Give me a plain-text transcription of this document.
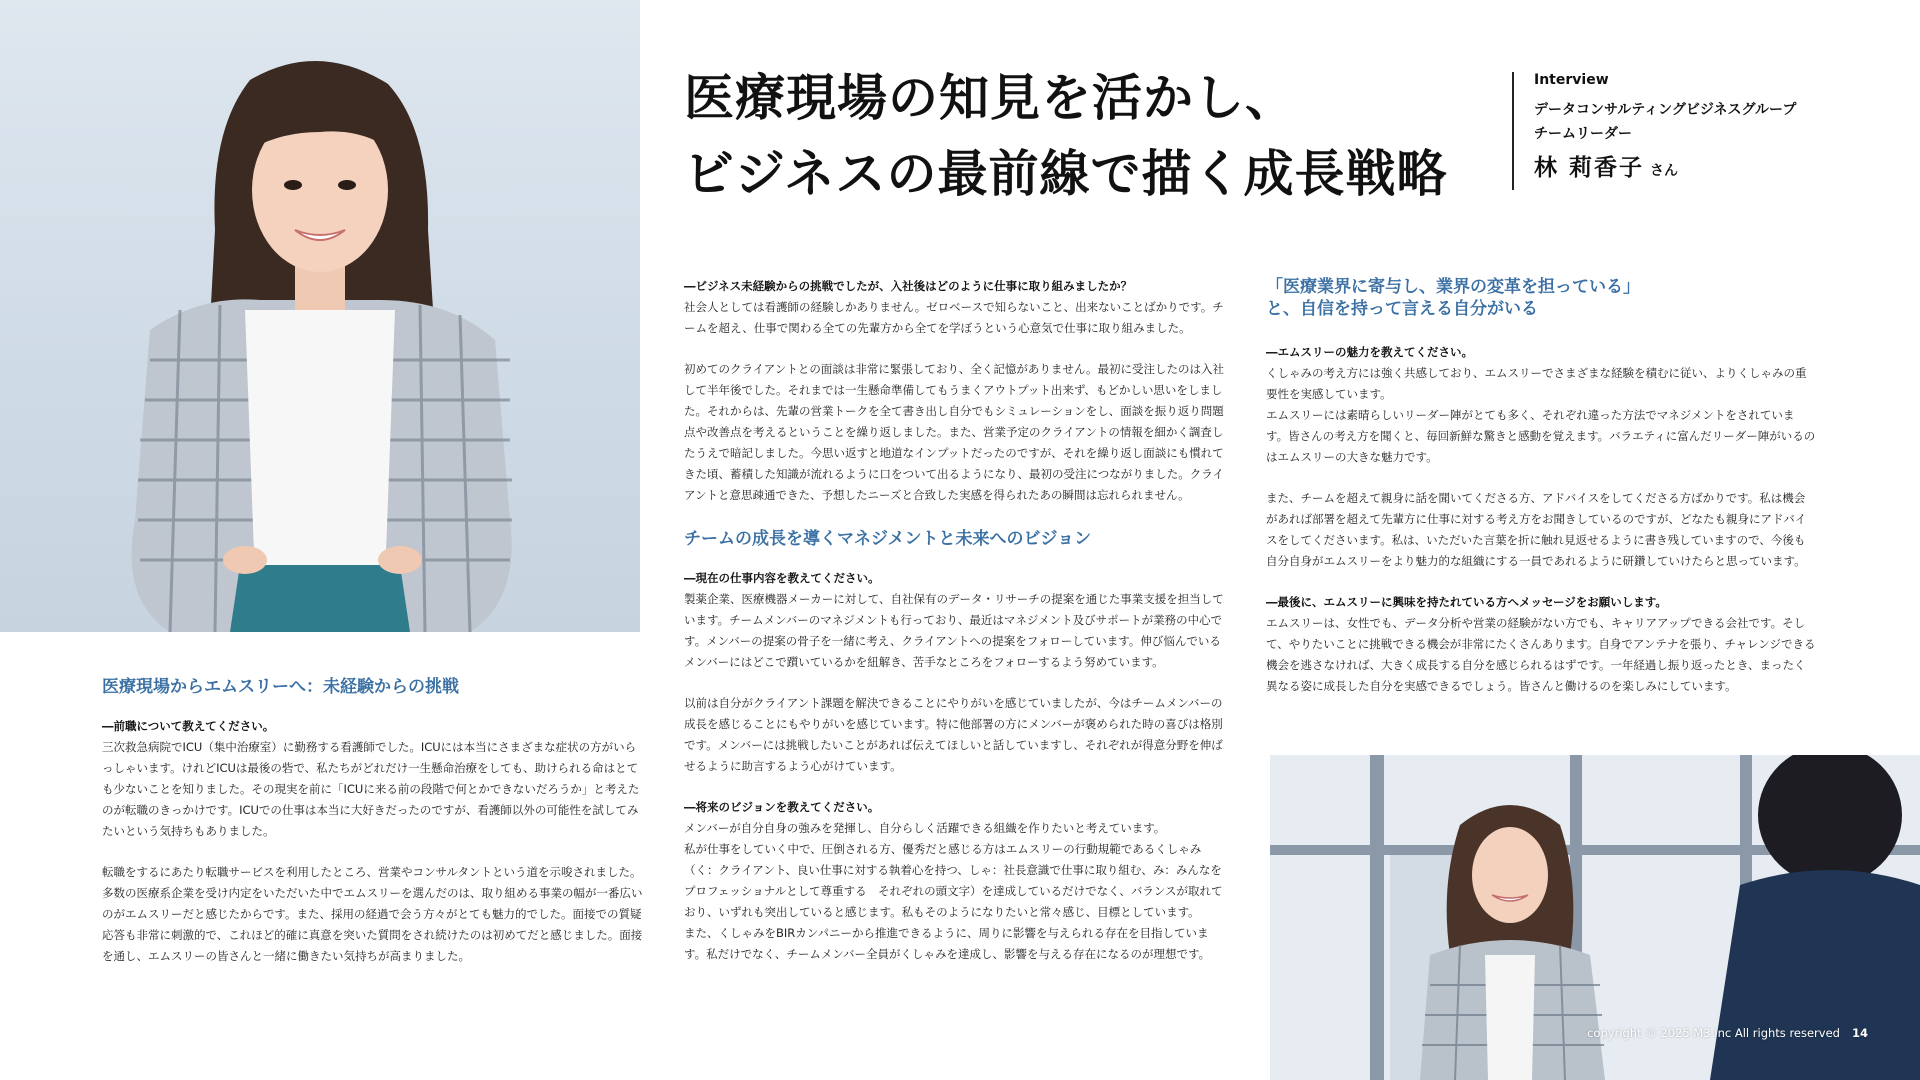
医療現場の知見を活かし、
ビジネスの最前線で描く成長戦略
Interview
データコンサルティングビジネスグループ
チームリーダー
林 莉香子 さん
医療現場からエムスリーへ：未経験からの挑戦
―前職について教えてください。
三次救急病院でICU（集中治療室）に勤務する看護師でした。ICUには本当にさまざまな症状の方がいらっしゃいます。けれどICUは最後の砦で、私たちがどれだけ一生懸命治療をしても、助けられる命はとても少ないことを知りました。その現実を前に「ICUに来る前の段階で何とかできないだろうか」と考えたのが転職のきっかけです。ICUでの仕事は本当に大好きだったのですが、看護師以外の可能性を試してみたいという気持ちもありました。
転職をするにあたり転職サービスを利用したところ、営業やコンサルタントという道を示唆されました。多数の医療系企業を受け内定をいただいた中でエムスリーを選んだのは、取り組める事業の幅が一番広いのがエムスリーだと感じたからです。また、採用の経過で会う方々がとても魅力的でした。面接での質疑応答も非常に刺激的で、これほど的確に真意を突いた質問をされ続けたのは初めてだと感じました。面接を通し、エムスリーの皆さんと一緒に働きたい気持ちが高まりました。
―ビジネス未経験からの挑戦でしたが、入社後はどのように仕事に取り組みましたか？
社会人としては看護師の経験しかありません。ゼロベースで知らないこと、出来ないことばかりです。チームを超え、仕事で関わる全ての先輩方から全てを学ぼうという心意気で仕事に取り組みました。
初めてのクライアントとの面談は非常に緊張しており、全く記憶がありません。最初に受注したのは入社して半年後でした。それまでは一生懸命準備してもうまくアウトプット出来ず、もどかしい思いをしました。それからは、先輩の営業トークを全て書き出し自分でもシミュレーションをし、面談を振り返り問題点や改善点を考えるということを繰り返しました。また、営業予定のクライアントの情報を細かく調査したうえで暗記しました。今思い返すと地道なインプットだったのですが、それを繰り返し面談にも慣れてきた頃、蓄積した知識が流れるように口をついて出るようになり、最初の受注につながりました。クライアントと意思疎通できた、予想したニーズと合致した実感を得られたあの瞬間は忘れられません。
チームの成長を導くマネジメントと未来へのビジョン
―現在の仕事内容を教えてください。
製薬企業、医療機器メーカーに対して、自社保有のデータ・リサーチの提案を通じた事業支援を担当しています。チームメンバーのマネジメントも行っており、最近はマネジメント及びサポートが業務の中心です。メンバーの提案の骨子を一緒に考え、クライアントへの提案をフォローしています。伸び悩んでいるメンバーにはどこで躓いているかを紐解き、苦手なところをフォローするよう努めています。
以前は自分がクライアント課題を解決できることにやりがいを感じていましたが、今はチームメンバーの成長を感じることにもやりがいを感じています。特に他部署の方にメンバーが褒められた時の喜びは格別です。メンバーには挑戦したいことがあれば伝えてほしいと話していますし、それぞれが得意分野を伸ばせるように助言するよう心がけています。
―将来のビジョンを教えてください。
メンバーが自分自身の強みを発揮し、自分らしく活躍できる組織を作りたいと考えています。
私が仕事をしていく中で、圧倒される方、優秀だと感じる方はエムスリーの行動規範であるくしゃみ（く：クライアント、良い仕事に対する執着心を持つ、しゃ：社長意識で仕事に取り組む、み：みんなをプロフェッショナルとして尊重する　それぞれの頭文字）を達成しているだけでなく、バランスが取れており、いずれも突出していると感じます。私もそのようになりたいと常々感じ、目標としています。
また、くしゃみをBIRカンパニーから推進できるように、周りに影響を与えられる存在を目指しています。私だけでなく、チームメンバー全員がくしゃみを達成し、影響を与える存在になるのが理想です。
「医療業界に寄与し、業界の変革を担っている」
と、自信を持って言える自分がいる
―エムスリーの魅力を教えてください。
くしゃみの考え方には強く共感しており、エムスリーでさまざまな経験を積むに従い、よりくしゃみの重要性を実感しています。
エムスリーには素晴らしいリーダー陣がとても多く、それぞれ違った方法でマネジメントをされています。皆さんの考え方を聞くと、毎回新鮮な驚きと感動を覚えます。バラエティに富んだリーダー陣がいるのはエムスリーの大きな魅力です。
また、チームを超えて親身に話を聞いてくださる方、アドバイスをしてくださる方ばかりです。私は機会があれば部署を超えて先輩方に仕事に対する考え方をお聞きしているのですが、どなたも親身にアドバイスをしてくださいます。私は、いただいた言葉を折に触れ見返せるように書き残していますので、今後も自分自身がエムスリーをより魅力的な組織にする一員であれるように研鑽していけたらと思っています。
―最後に、エムスリーに興味を持たれている方へメッセージをお願いします。
エムスリーは、女性でも、データ分析や営業の経験がない方でも、キャリアアップできる会社です。そして、やりたいことに挑戦できる機会が非常にたくさんあります。自身でアンテナを張り、チャレンジできる機会を逃さなければ、大きく成長する自分を感じられるはずです。一年経過し振り返ったとき、まったく異なる姿に成長した自分を実感できるでしょう。皆さんと働けるのを楽しみにしています。
copyright © 2025 M3 Inc All rights reserved 14
